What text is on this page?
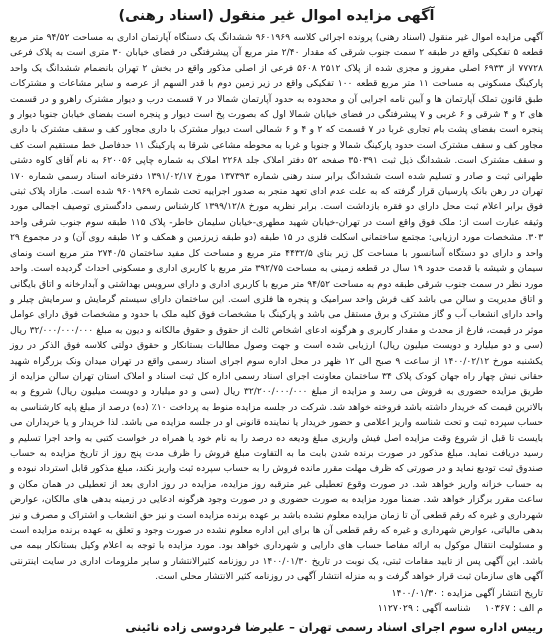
آگهی مزایده اموال غیر منقول (اسناد رهنی)

آگهی مزایده اموال غیر منقول (اسناد رهنی) پرونده اجرائی کلاسه ۹۶۰۱۹۶۹ ششدانگ یک دستگاه آپارتمان اداری به مساحت ۹۴/۵۲ متر مربع قطعه ۵ تفکیکی واقع در طبقه ۲ سمت جنوب شرقی که مقدار ۲/۴۰ متر مربع آن پیشرفتگی در فضای خیابان ۳۰ متری است به پلاک فرعی ۷۷۷۲۸ از ۶۹۳۳ اصلی مفروز و مجزی شده از پلاک ۲۵۱۲ ۵۶۰۸ فرعی از اصلی مذکور واقع در بخش ۲ تهران بانضمام ششدانگ یک واحد پارکینگ مسکونی به مساحت ۱۱ متر مربع قطعه ۱۰۰ تفکیکی واقع در زیر زمین دوم با قدر السهم از عرصه و سایر مشاعات و مشترکات طبق قانون تملک آپارتمان ها و آیین نامه اجرایی آن و محدوده به حدود آپارتمان شمالا در ۷ قسمت درب و دیوار مشترک راهرو و در قسمت های ۲ و ۴ شرقی و ۶ غربی و ۷ پیشرفتگی در فضای خیابان شمالا اول که بصورت پخ است دیوار و پنجره است بفضای خیابان جنوبا دیوار و پنجره است بفضای پشت بام تجاری غربا در ۷ قسمت که ۲ و ۴ و ۶ شمالی است دیوار مشترک با داری مجاور کف و سقف مشترک با داری مجاور کف و سقف مشترک است حدود پارکینگ شمالا و جنوبا و غربا به محوطه مشاعی شرقا به پارکینگ ۱۱ حدفاصل خط مستقیم است کف و سقف مشترک است. ششدانگ ذیل ثبت ۳۵۰۳۹۱ صفحه ۵۲ دفتر املاک جلد ۲۲۶۸ املاک به شماره چاپی ۶۲۰۰۵۶ به نام آقای کاوه دشتی طهرانی ثبت و صادر و تسلیم شده است ششدانگ برابر سند رهنی شماره ۱۳۷۳۹۳ مورخ ۱۳۹۱/۰۲/۱۷ دفترخانه اسناد رسمی شماره ۱۷۰ تهران در رهن بانک پارسیان قرار گرفته که به علت عدم ادای تعهد منجر به صدور اجراییه تحت شماره ۹۶۰۱۹۶۹ شده است. مازاد پلاک ثبتی فوق برابر اعلام ثبت محل دارای دو فقره بازداشت است. برابر نظریه مورخ ۱۳۹۹/۱۲/۸ کارشناس رسمی دادگستری توصیف اجمالی مورد وثیقه عبارت است از: ملک فوق واقع است در تهران-خیابان شهید مطهری-خیابان سلیمان خاطر- پلاک ۱۱۵ طبقه سوم جنوب شرقی واحد ۳۰۳. مشخصات مورد ارزیابی: مجتمع ساختمانی اسکلت فلزی در ۱۵ طبقه (دو طبقه زیرزمین و همکف و ۱۲ طبقه روی آن) و در مجموع ۲۹ واحد و دارای دو دستگاه آسانسور با مساحت کل زیر بنای ۴۴۳۲/۵ متر مربع و مساحت کل مفید ساختمان ۲۷۴۰/۵ متر مربع است ونمای سیمان و شیشه با قدمت حدود ۱۹ سال در قطعه زمینی به مساحت ۳۹۲/۷۵ متر مربع با کاربری اداری و مسکونی احداث گردیده است. واحد مورد نظر در سمت جنوب شرقی طبقه دوم به مساحت ۹۴/۵۲ متر مربع با کاربری اداری و دارای سرویس بهداشتی و آبدارخانه و اتاق بایگانی و اتاق مدیریت و سالن می باشد کف فرش واحد سرامیک و پنجره ها فلزی است. این ساختمان دارای سیستم گرمایش و سرمایش چیلر و واحد دارای انشعاب آب و گاز مشترک و برق مستقل می باشد و پارکینگ با مشخصات فوق کلیه ملک با حدود و مشخصات فوق دارای عوامل موثر در قیمت، فارغ از محدث و مقدار کاربری و هرگونه ادعای اشخاص ثالث از حقوق و حقوق مالکانه و دیون به مبلغ ۳۲/۰۰۰/۰۰۰/۰۰۰ ریال (سی و دو میلیارد و دویست میلیون ریال) ارزیابی شده است و جهت وصول مطالبات بستانکار و حقوق دولتی کلاسه فوق الذکر در روز یکشنبه مورخ ۱۴۰۰/۰۲/۱۲ از ساعت ۹ صبح الی ۱۲ ظهر در محل اداره سوم اجرای اسناد رسمی واقع در تهران میدان ونک بزرگراه شهید حقانی نبش چهار راه جهان کودک پلاک ۳۴ ساختمان معاونت اجرای اسناد رسمی اداره کل ثبت اسناد و املاک استان تهران سالن مزایده از طریق مزایده حضوری به فروش می رسد و مزایده از مبلغ ۳۲/۲۰۰/۰۰۰/۰۰۰ ریال (سی و دو میلیارد و دویست میلیون ریال) شروع و به بالاترین قیمت که خریدار داشته باشد فروخته خواهد شد. شرکت در جلسه مزایده منوط به پرداخت ۱۰٪ (ده) درصد از مبلغ پایه کارشناسی به حساب سپرده ثبت و تحت شناسه واریز اعلامی و حضور خریدار یا نماینده قانونی او در جلسه مزایده می باشد. لذا خریدار و یا خریداران می بایست تا قبل از شروع وقت مزایده اصل فیش واریزی مبلغ ودیعه ده درصد را به نام خود یا همراه در خواست کتبی به واحد اجرا تسلیم و رسید دریافت نماید. مبلغ مذکور در صورت برنده شدن بابت ما به التفاوت مبلغ فروش را ظرف مدت پنج روز از تاریخ مزایده به حساب صندوق ثبت تودیع نماید و در صورتی که ظرف مهلت مقرر مانده فروش را به حساب سپرده ثبت واریز نکند، مبلغ مذکور قابل استرداد نبوده و به حساب خزانه واریز خواهد شد. در صورت وقوع تعطیلی غیر مترقبه روز مزایده، مزایده در روز اداری بعد از تعطیلی در همان مکان و ساعت مقرر برگزار خواهد شد. ضمنا مورد مزایده به صورت حضوری و در صورت وجود هرگونه ادعایی در زمینه بدهی های مالکان، عوارض شهرداری و غیره که رقم قطعی آن تا زمان مزایده معلوم نشده باشد بر عهده برنده مزایده است و نیز حق انشعاب و اشتراک و مصرف و نیز بدهی مالیاتی، عوارض شهرداری و غیره که رقم قطعی آن ها برای این اداره معلوم نشده در صورت وجود و تعلق به عهده برنده مزایده است و مسئولیت انتقال موکول به ارائه مفاصا حساب های دارایی و شهرداری خواهد بود. مورد مزایده با توجه به اعلام وکیل بستانکار بیمه می باشد. این آگهی پس از تایید مقامات ثبتی، یک نوبت در تاریخ ۱۴۰۰/۰۱/۳۰ در روزنامه کثیرالانتشار و سایر ملزومات اداری در سایت اینترنتی آگهی های سازمان ثبت قرار خواهد گرفت و به منزله انتشار آگهی در روزنامه کثیر الانتشار محلی است.

تاریخ انتشار آگهی مزایده : ۱۴۰۰/۰۱/۳۰
م الف : ۱۰۳۶۷
شناسه آگهی : ۱۱۲۷۰۲۹
رییس اداره سوم اجرای اسناد رسمی تهران – علیرضا فردوسی زاده نائینی
